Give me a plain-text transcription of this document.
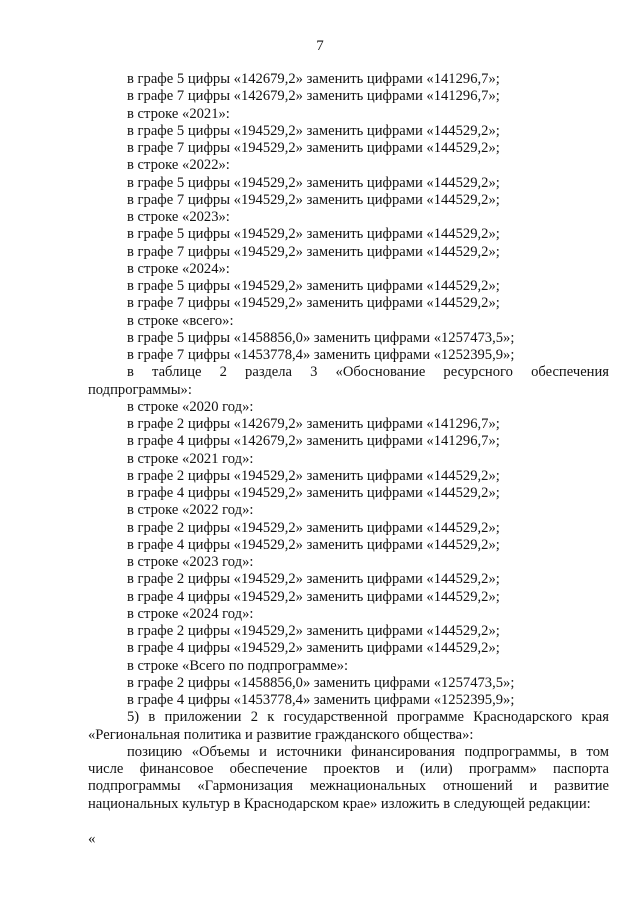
7
в графе 5 цифры «142679,2» заменить цифрами «141296,7»;
в графе 7 цифры «142679,2» заменить цифрами «141296,7»;
в строке «2021»:
в графе 5 цифры «194529,2» заменить цифрами «144529,2»;
в графе 7 цифры «194529,2» заменить цифрами «144529,2»;
в строке «2022»:
в графе 5 цифры «194529,2» заменить цифрами «144529,2»;
в графе 7 цифры «194529,2» заменить цифрами «144529,2»;
в строке «2023»:
в графе 5 цифры «194529,2» заменить цифрами «144529,2»;
в графе 7 цифры «194529,2» заменить цифрами «144529,2»;
в строке «2024»:
в графе 5 цифры «194529,2» заменить цифрами «144529,2»;
в графе 7 цифры «194529,2» заменить цифрами «144529,2»;
в строке «всего»:
в графе 5 цифры «1458856,0» заменить цифрами «1257473,5»;
в графе 7 цифры «1453778,4» заменить цифрами «1252395,9»;
в таблице 2 раздела 3 «Обоснование ресурсного обеспечения
подпрограммы»:
в строке «2020 год»:
в графе 2 цифры «142679,2» заменить цифрами «141296,7»;
в графе 4 цифры «142679,2» заменить цифрами «141296,7»;
в строке «2021 год»:
в графе 2 цифры «194529,2» заменить цифрами «144529,2»;
в графе 4 цифры «194529,2» заменить цифрами «144529,2»;
в строке «2022 год»:
в графе 2 цифры «194529,2» заменить цифрами «144529,2»;
в графе 4 цифры «194529,2» заменить цифрами «144529,2»;
в строке «2023 год»:
в графе 2 цифры «194529,2» заменить цифрами «144529,2»;
в графе 4 цифры «194529,2» заменить цифрами «144529,2»;
в строке «2024 год»:
в графе 2 цифры «194529,2» заменить цифрами «144529,2»;
в графе 4 цифры «194529,2» заменить цифрами «144529,2»;
в строке «Всего по подпрограмме»:
в графе 2 цифры «1458856,0» заменить цифрами «1257473,5»;
в графе 4 цифры «1453778,4» заменить цифрами «1252395,9»;
5) в приложении 2 к государственной программе Краснодарского края
«Региональная политика и развитие гражданского общества»:
позицию «Объемы и источники финансирования подпрограммы, в том
числе финансовое обеспечение проектов и (или) программ» паспорта
подпрограммы «Гармонизация межнациональных отношений и развитие
национальных культур в Краснодарском крае» изложить в следующей редакции:
«
